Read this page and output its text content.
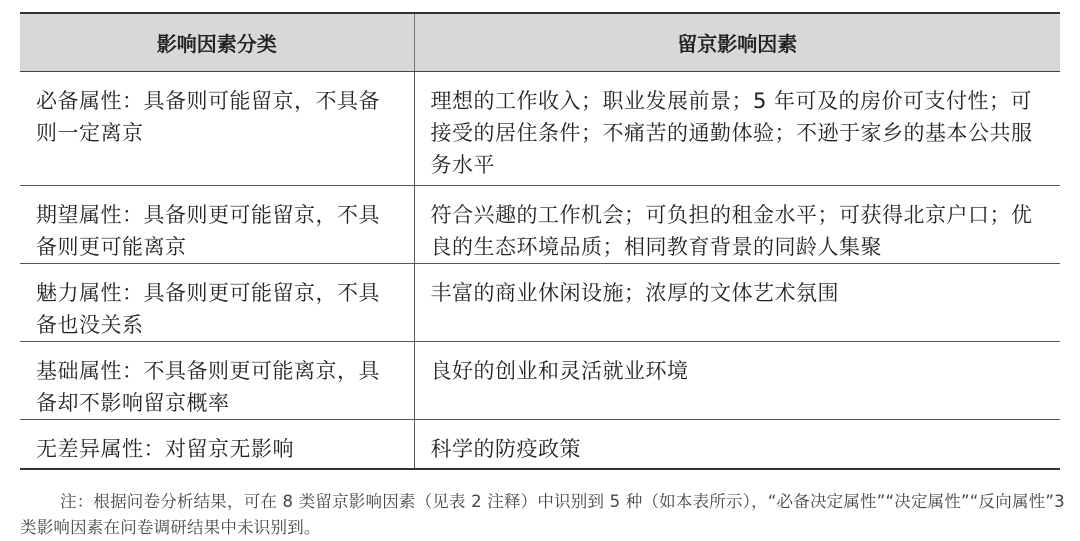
影响因素分类	留京影响因素
必备属性：具备则可能留京，不具备则一定离京	理想的工作收入；职业发展前景；5 年可及的房价可支付性；可接受的居住条件；不痛苦的通勤体验；不逊于家乡的基本公共服务水平
期望属性：具备则更可能留京，不具备则更可能离京	符合兴趣的工作机会；可负担的租金水平；可获得北京户口；优良的生态环境品质；相同教育背景的同龄人集聚
魅力属性：具备则更可能留京，不具备也没关系	丰富的商业休闲设施；浓厚的文体艺术氛围
基础属性：不具备则更可能离京，具备却不影响留京概率	良好的创业和灵活就业环境
无差异属性：对留京无影响	科学的防疫政策

注：根据问卷分析结果，可在 8 类留京影响因素（见表 2 注释）中识别到 5 种（如本表所示），“必备决定属性”“决定属性”“反向属性”3 类影响因素在问卷调研结果中未识别到。
